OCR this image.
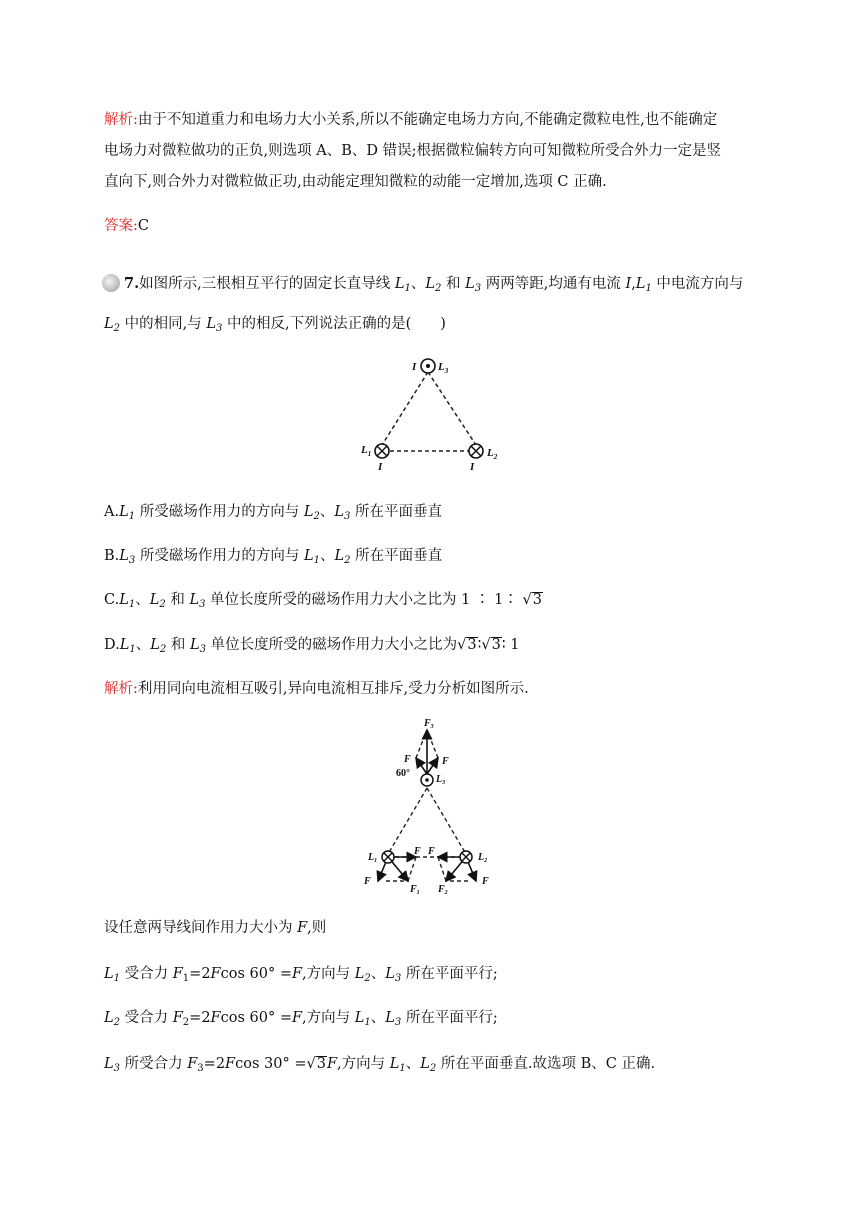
解析:由于不知道重力和电场力大小关系,所以不能确定电场力方向,不能确定微粒电性,也不能确定
电场力对微粒做功的正负,则选项 A、B、D 错误;根据微粒偏转方向可知微粒所受合外力一定是竖
直向下,则合外力对微粒做正功,由动能定理知微粒的动能一定增加,选项 C 正确.
答案:C
7.如图所示,三根相互平行的固定长直导线 $L_1$、$L_2$ 和 $L_3$ 两两等距,均通有电流 $I,L_1$ 中电流方向与
$L_2$ 中的相同,与 $L_3$ 中的相反,下列说法正确的是(　　)
I $L_3$
$L_1$
I
$L_2$
I
$A.L_1$ 所受磁场作用力的方向与 $L_2$、$L_3$ 所在平面垂直
$B.L_3$ 所受磁场作用力的方向与 $L_1$、$L_2$ 所在平面垂直
$C.L_1$、$L_2$ 和 $L_3$ 单位长度所受的磁场作用力大小之比为 1 ∶ 1∶ √3
$D.L_1$、$L_2$ 和 $L_3$ 单位长度所受的磁场作用力大小之比为√3∶√3∶ 1
解析:利用同向电流相互吸引,异向电流相互排斥,受力分析如图所示.
$F_3$
F	F
60°
$L_3$
$L_1$
F F
$L_2$
F
$F_1$ $F_2$
F
设任意两导线间作用力大小为 F,则
$L_1$ 受合力 $F_1=2Fcos$ 60° =F,方向与 $L_2$、$L_3$ 所在平面平行;
$L_2$ 受合力 $F_2=2Fcos$ 60° =F,方向与 $L_1$、$L_3$ 所在平面平行;
$L_3$ 所受合力 $F_3=2Fcos$ 30° =√3F,方向与 $L_1$、$L_2$ 所在平面垂直.故选项 B、C 正确.
